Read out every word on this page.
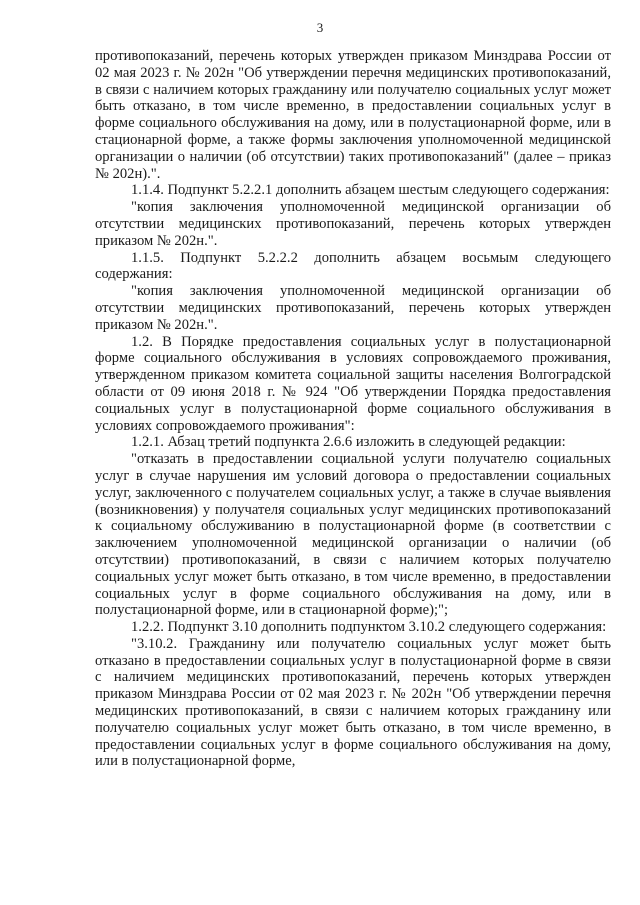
3

противопоказаний, перечень которых утвержден приказом Минздрава России от 02 мая 2023 г. № 202н "Об утверждении перечня медицинских противопоказаний, в связи с наличием которых гражданину или получателю социальных услуг может быть отказано, в том числе временно, в предоставлении социальных услуг в форме социального обслуживания на дому, или в полустационарной форме, или в стационарной форме, а также формы заключения уполномоченной медицинской организации о наличии (об отсутствии) таких противопоказаний" (далее – приказ № 202н).".

1.1.4. Подпункт 5.2.2.1 дополнить абзацем шестым следующего содержания:

"копия заключения уполномоченной медицинской организации об отсутствии медицинских противопоказаний, перечень которых утвержден приказом № 202н.".

1.1.5. Подпункт 5.2.2.2 дополнить абзацем восьмым следующего содержания:

"копия заключения уполномоченной медицинской организации об отсутствии медицинских противопоказаний, перечень которых утвержден приказом № 202н.".

1.2. В Порядке предоставления социальных услуг в полустационарной форме социального обслуживания в условиях сопровождаемого проживания, утвержденном приказом комитета социальной защиты населения Волгоградской области от 09 июня 2018 г. № 924 "Об утверждении Порядка предоставления социальных услуг в полустационарной форме социального обслуживания в условиях сопровождаемого проживания":

1.2.1. Абзац третий подпункта 2.6.6 изложить в следующей редакции:

"отказать в предоставлении социальной услуги получателю социальных услуг в случае нарушения им условий договора о предоставлении социальных услуг, заключенного с получателем социальных услуг, а также в случае выявления (возникновения) у получателя социальных услуг медицинских противопоказаний к социальному обслуживанию в полустационарной форме (в соответствии с заключением уполномоченной медицинской организации о наличии (об отсутствии) противопоказаний, в связи с наличием которых получателю социальных услуг может быть отказано, в том числе временно, в предоставлении социальных услуг в форме социального обслуживания на дому, или в полустационарной форме, или в стационарной форме);";

1.2.2. Подпункт 3.10 дополнить подпунктом 3.10.2 следующего содержания:

"3.10.2. Гражданину или получателю социальных услуг может быть отказано в предоставлении социальных услуг в полустационарной форме в связи с наличием медицинских противопоказаний, перечень которых утвержден приказом Минздрава России от 02 мая 2023 г. № 202н "Об утверждении перечня медицинских противопоказаний, в связи с наличием которых гражданину или получателю социальных услуг может быть отказано, в том числе временно, в предоставлении социальных услуг в форме социального обслуживания на дому, или в полустационарной форме,
